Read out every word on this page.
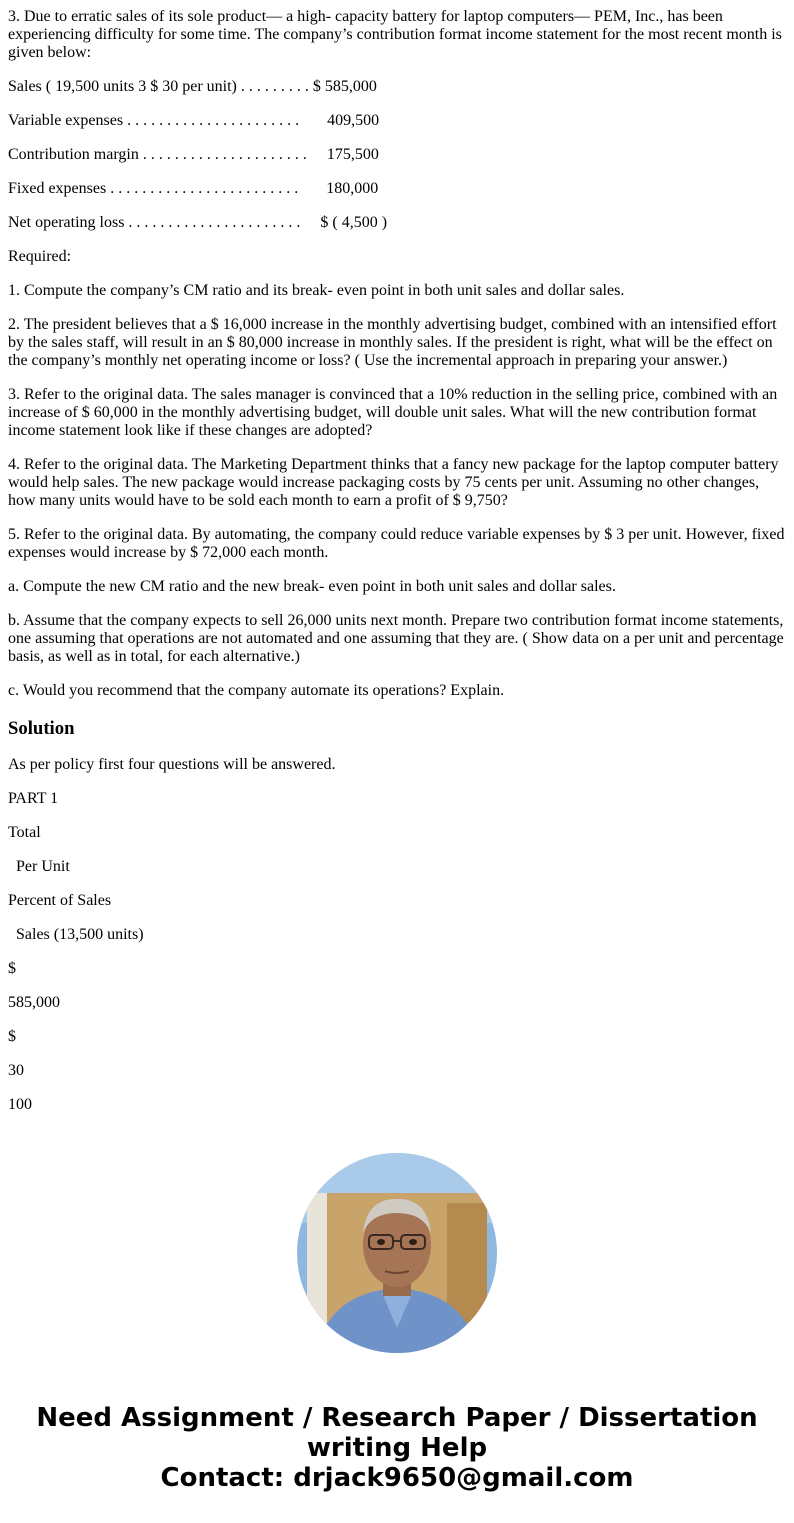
3. Due to erratic sales of its sole product— a high- capacity battery for laptop computers— PEM, Inc., has been experiencing difficulty for some time. The company’s contribution format income statement for the most recent month is given below:

Sales ( 19,500 units 3 $ 30 per unit) . . . . . . . . . $ 585,000

Variable expenses . . . . . . . . . . . . . . . . . . . . . .       409,500

Contribution margin . . . . . . . . . . . . . . . . . . . . .     175,500

Fixed expenses . . . . . . . . . . . . . . . . . . . . . . . .       180,000

Net operating loss . . . . . . . . . . . . . . . . . . . . . .     $ ( 4,500 )

Required:

1. Compute the company’s CM ratio and its break- even point in both unit sales and dollar sales.

2. The president believes that a $ 16,000 increase in the monthly advertising budget, combined with an intensified effort by the sales staff, will result in an $ 80,000 increase in monthly sales. If the president is right, what will be the effect on the company’s monthly net operating income or loss? ( Use the incremental approach in preparing your answer.)

3. Refer to the original data. The sales manager is convinced that a 10% reduction in the selling price, combined with an increase of $ 60,000 in the monthly advertising budget, will double unit sales. What will the new contribution format income statement look like if these changes are adopted?

4. Refer to the original data. The Marketing Department thinks that a fancy new package for the laptop computer battery would help sales. The new package would increase packaging costs by 75 cents per unit. Assuming no other changes, how many units would have to be sold each month to earn a profit of $ 9,750?

5. Refer to the original data. By automating, the company could reduce variable expenses by $ 3 per unit. However, fixed expenses would increase by $ 72,000 each month.

a. Compute the new CM ratio and the new break- even point in both unit sales and dollar sales.

b. Assume that the company expects to sell 26,000 units next month. Prepare two contribution format income statements, one assuming that operations are not automated and one assuming that they are. ( Show data on a per unit and percentage basis, as well as in total, for each alternative.)

c. Would you recommend that the company automate its operations? Explain.

Solution

As per policy first four questions will be answered.

PART 1

Total

Per Unit

Percent of Sales

Sales (13,500 units)

$

585,000

$

30

100

Need Assignment / Research Paper / Dissertation
writing Help
Contact: drjack9650@gmail.com
